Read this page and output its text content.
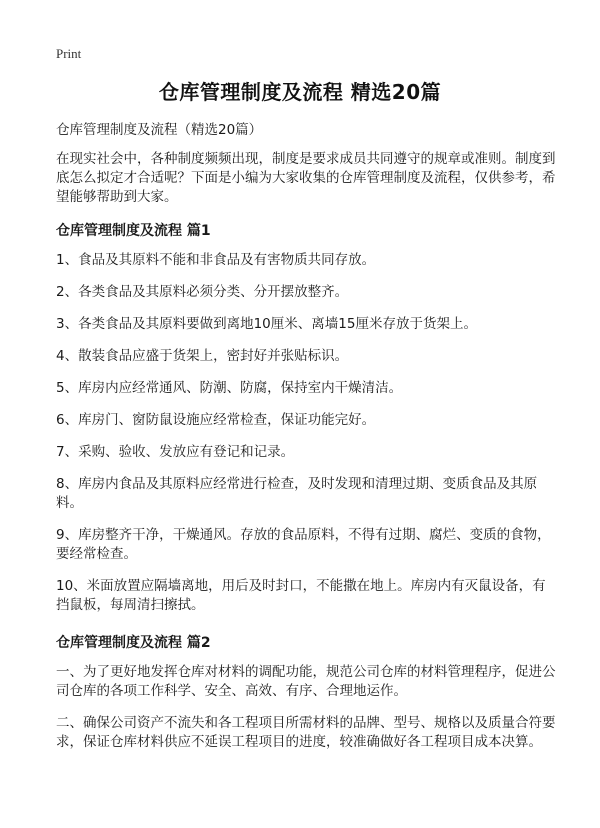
Print
仓库管理制度及流程 精选20篇

仓库管理制度及流程（精选20篇）

在现实社会中，各种制度频频出现，制度是要求成员共同遵守的规章或准则。制度到底怎么拟定才合适呢？下面是小编为大家收集的仓库管理制度及流程，仅供参考，希望能够帮助到大家。

仓库管理制度及流程 篇1

1、食品及其原料不能和非食品及有害物质共同存放。

2、各类食品及其原料必须分类、分开摆放整齐。

3、各类食品及其原料要做到离地10厘米、离墙15厘米存放于货架上。

4、散装食品应盛于货架上，密封好并张贴标识。

5、库房内应经常通风、防潮、防腐，保持室内干燥清洁。

6、库房门、窗防鼠设施应经常检查，保证功能完好。

7、采购、验收、发放应有登记和记录。

8、库房内食品及其原料应经常进行检查，及时发现和清理过期、变质食品及其原料。

9、库房整齐干净，干燥通风。存放的食品原料，不得有过期、腐烂、变质的食物，要经常检查。

10、米面放置应隔墙离地，用后及时封口，不能撒在地上。库房内有灭鼠设备，有挡鼠板，每周清扫擦拭。

仓库管理制度及流程 篇2

一、为了更好地发挥仓库对材料的调配功能，规范公司仓库的材料管理程序，促进公司仓库的各项工作科学、安全、高效、有序、合理地运作。

二、确保公司资产不流失和各工程项目所需材料的品牌、型号、规格以及质量合符要求，保证仓库材料供应不延误工程项目的进度，较准确做好各工程项目成本决算。
